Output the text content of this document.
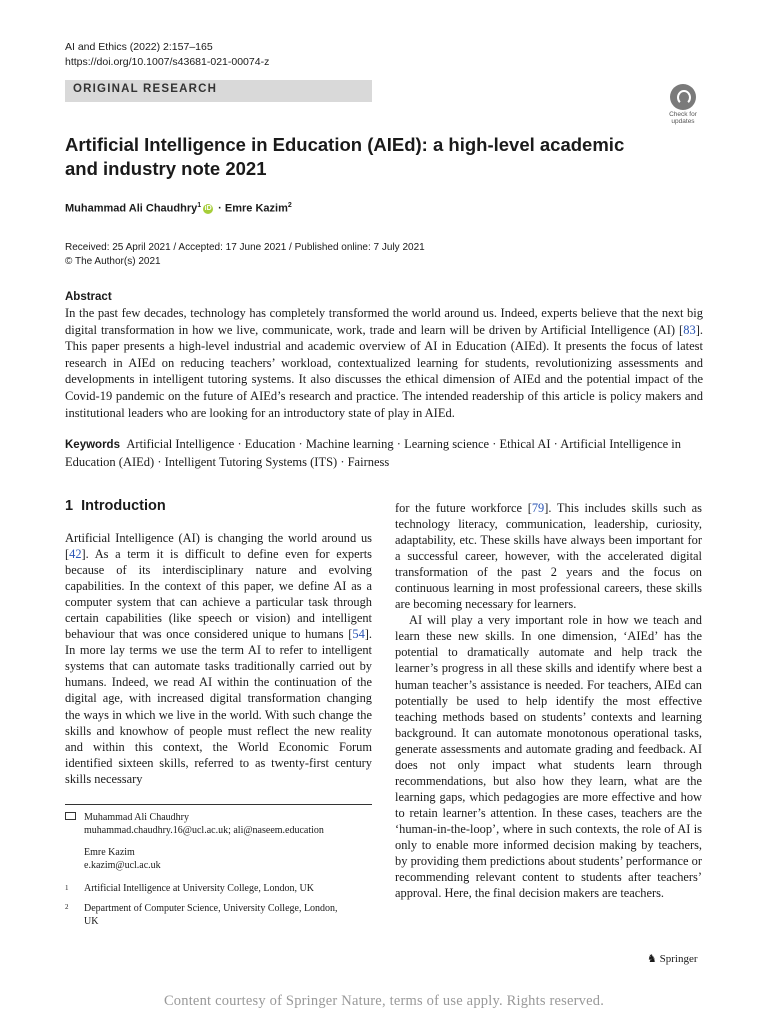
AI and Ethics (2022) 2:157–165
https://doi.org/10.1007/s43681-021-00074-z
ORIGINAL RESEARCH
Check for
updates
Artificial Intelligence in Education (AIEd): a high-level academic and industry note 2021
Muhammad Ali Chaudhry$^1$ iD · Emre Kazim$^2$
Received: 25 April 2021 / Accepted: 17 June 2021 / Published online: 7 July 2021
© The Author(s) 2021
Abstract
In the past few decades, technology has completely transformed the world around us. Indeed, experts believe that the next big digital transformation in how we live, communicate, work, trade and learn will be driven by Artificial Intelligence (AI) [83]. This paper presents a high-level industrial and academic overview of AI in Education (AIEd). It presents the focus of latest research in AIEd on reducing teachers’ workload, contextualized learning for students, revolutionizing assessments and developments in intelligent tutoring systems. It also discusses the ethical dimension of AIEd and the potential impact of the Covid-19 pandemic on the future of AIEd’s research and practice. The intended readership of this article is policy makers and institutional leaders who are looking for an introductory state of play in AIEd.
Keywords Artificial Intelligence · Education · Machine learning · Learning science · Ethical AI · Artificial Intelligence in Education (AIEd) · Intelligent Tutoring Systems (ITS) · Fairness
1 Introduction

Artificial Intelligence (AI) is changing the world around us [42]. As a term it is difficult to define even for experts because of its interdisciplinary nature and evolving capabilities. In the context of this paper, we define AI as a computer system that can achieve a particular task through certain capabilities (like speech or vision) and intelligent behaviour that was once considered unique to humans [54]. In more lay terms we use the term AI to refer to intelligent systems that can automate tasks traditionally carried out by humans. Indeed, we read AI within the continuation of the digital age, with increased digital transformation changing the ways in which we live in the world. With such change the skills and knowhow of people must reflect the new reality and within this context, the World Economic Forum identified sixteen skills, referred to as twenty-first century skills necessary

for the future workforce [79]. This includes skills such as technology literacy, communication, leadership, curiosity, adaptability, etc. These skills have always been important for a successful career, however, with the accelerated digital transformation of the past 2 years and the focus on continuous learning in most professional careers, these skills are becoming necessary for learners.

AI will play a very important role in how we teach and learn these new skills. In one dimension, ‘AIEd’ has the potential to dramatically automate and help track the learner’s progress in all these skills and identify where best a human teacher’s assistance is needed. For teachers, AIEd can potentially be used to help identify the most effective teaching methods based on students’ contexts and learning background. It can automate monotonous operational tasks, generate assessments and automate grading and feedback. AI does not only impact what students learn through recommendations, but also how they learn, what are the learning gaps, which pedagogies are more effective and how to retain learner’s attention. In these cases, teachers are the ‘human-in-the-loop’, where in such contexts, the role of AI is only to enable more informed decision making by teachers, by providing them predictions about students’ performance or recommending relevant content to students after teachers’ approval. Here, the final decision makers are teachers.

Muhammad Ali Chaudhry
muhammad.chaudhry.16@ucl.ac.uk; ali@naseem.education
Emre Kazim
e.kazim@ucl.ac.uk
1 Artificial Intelligence at University College, London, UK
2 Department of Computer Science, University College, London, UK
♞ Springer
Content courtesy of Springer Nature, terms of use apply. Rights reserved.
